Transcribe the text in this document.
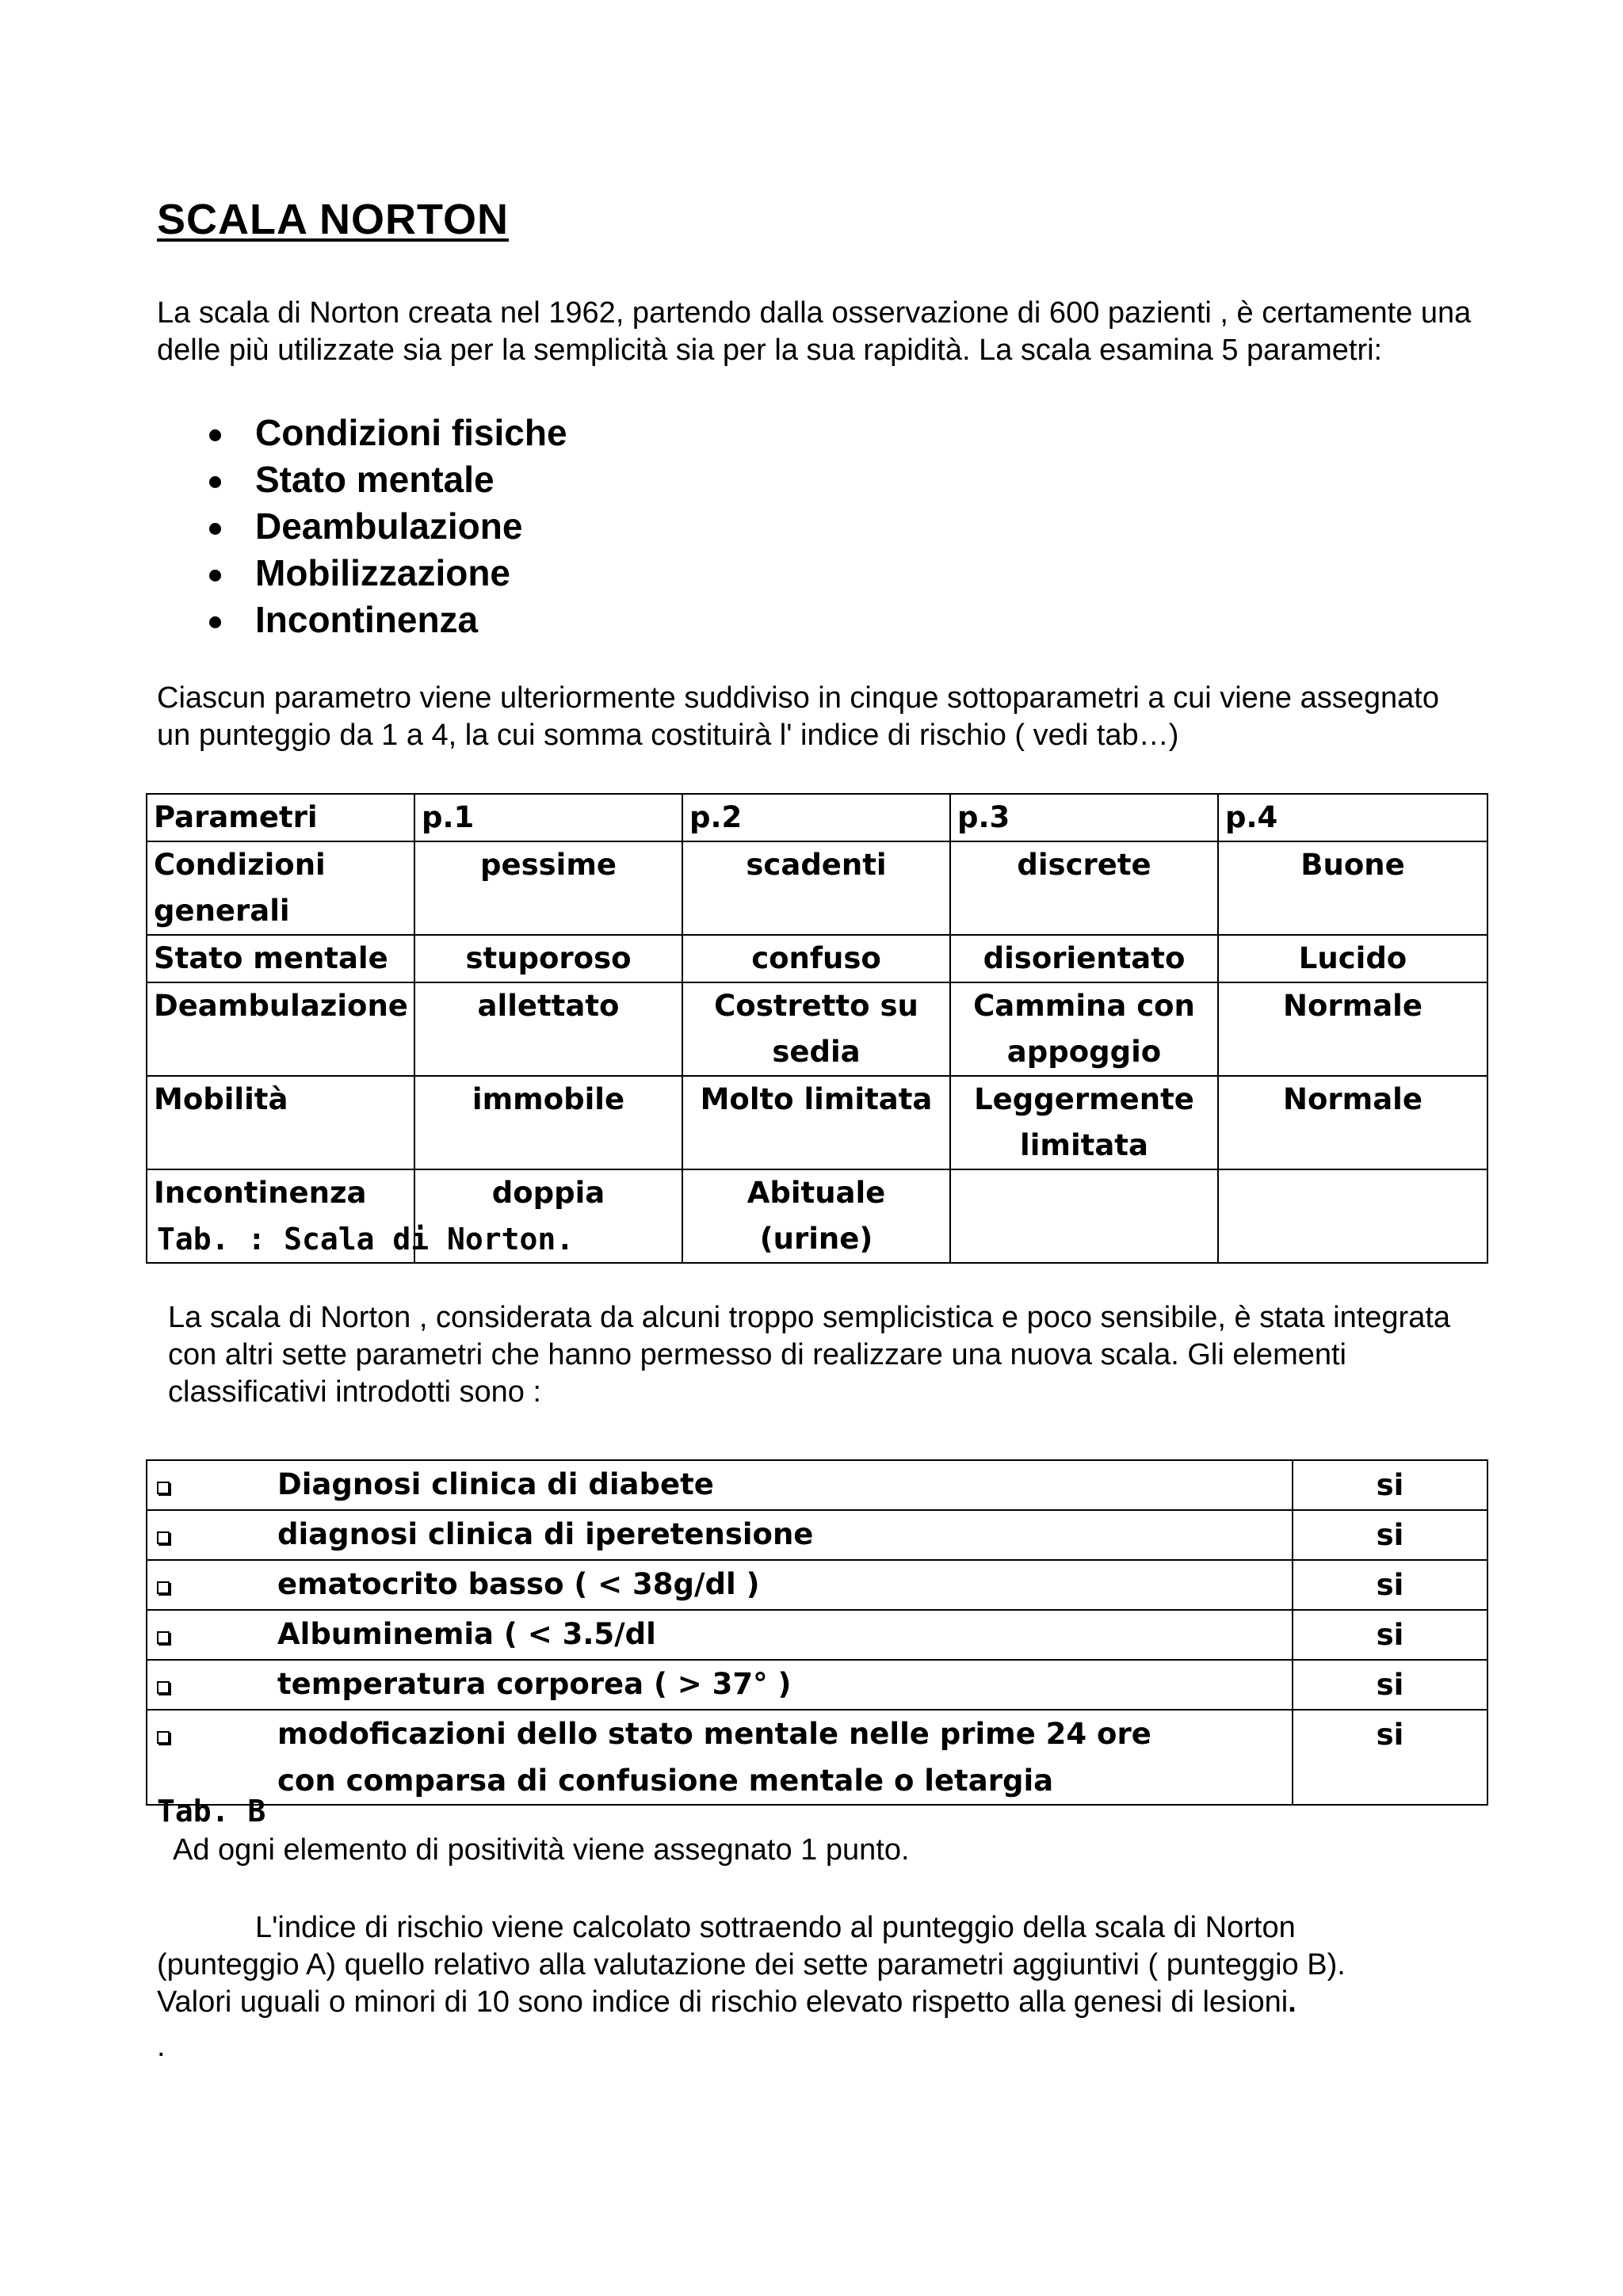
SCALA NORTON

La scala di Norton creata nel 1962, partendo dalla osservazione di 600 pazienti , è certamente una delle più utilizzate sia per la semplicità sia per la sua rapidità. La scala esamina 5 parametri:

Condizioni fisiche
Stato mentale
Deambulazione
Mobilizzazione
Incontinenza

Ciascun parametro viene ulteriormente suddiviso in cinque sottoparametri a cui viene assegnato un punteggio da 1 a 4, la cui somma costituirà l' indice di rischio ( vedi tab…)

Parametri	p.1	p.2	p.3	p.4
Condizioni generali	pessime	scadenti	discrete	Buone
Stato mentale	stuporoso	confuso	disorientato	Lucido
Deambulazione	allettato	Costretto su sedia	Cammina con appoggio	Normale
Mobilità	immobile	Molto limitata	Leggermente limitata	Normale
Incontinenza	doppia	Abituale (urine)		

Tab. : Scala di Norton.

La scala di Norton , considerata da alcuni troppo semplicistica e poco sensibile, è stata integrata con altri sette parametri che hanno permesso di realizzare una nuova scala. Gli elementi classificativi introdotti sono :

Diagnosi clinica di diabete	si

diagnosi clinica di iperetensione	si

ematocrito basso ( < 38g/dl )	si

Albuminemia ( < 3.5/dl	si

temperatura corporea ( > 37° )	si

modoficazioni dello stato mentale nelle prime 24 ore
con comparsa di confusione mentale o letargia	si

Tab. B

Ad ogni elemento di positività viene assegnato 1 punto.

L'indice di rischio viene calcolato sottraendo al punteggio della scala di Norton
(punteggio A) quello relativo alla valutazione dei sette parametri aggiuntivi ( punteggio B).
Valori uguali o minori di 10 sono indice di rischio elevato rispetto alla genesi di lesioni.

.
